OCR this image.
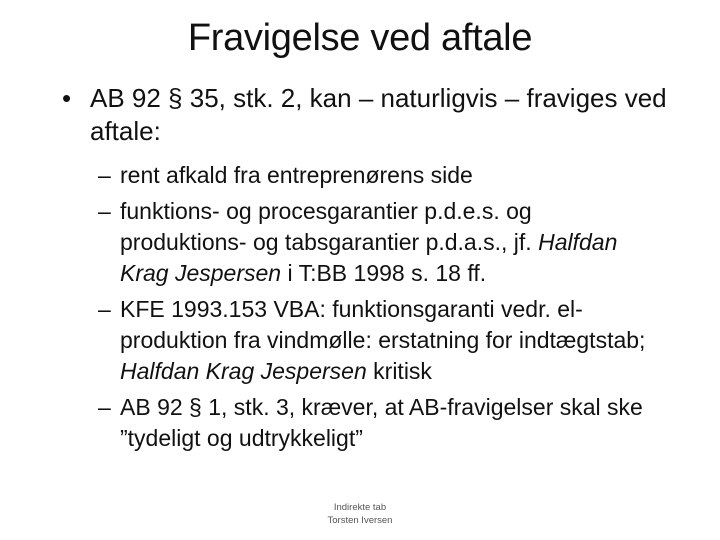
Fravigelse ved aftale
• AB 92 § 35, stk. 2, kan – naturligvis – fraviges ved aftale:
– rent afkald fra entreprenørens side
– funktions- og procesgarantier p.d.e.s. og produktions- og tabsgarantier p.d.a.s., jf. Halfdan Krag Jespersen i T:BB 1998 s. 18 ff.
– KFE 1993.153 VBA: funktionsgaranti vedr. el-produktion fra vindmølle: erstatning for indtægtstab; Halfdan Krag Jespersen kritisk
– AB 92 § 1, stk. 3, kræver, at AB-fravigelser skal ske ”tydeligt og udtrykkeligt”
Indirekte tab
Torsten Iversen
